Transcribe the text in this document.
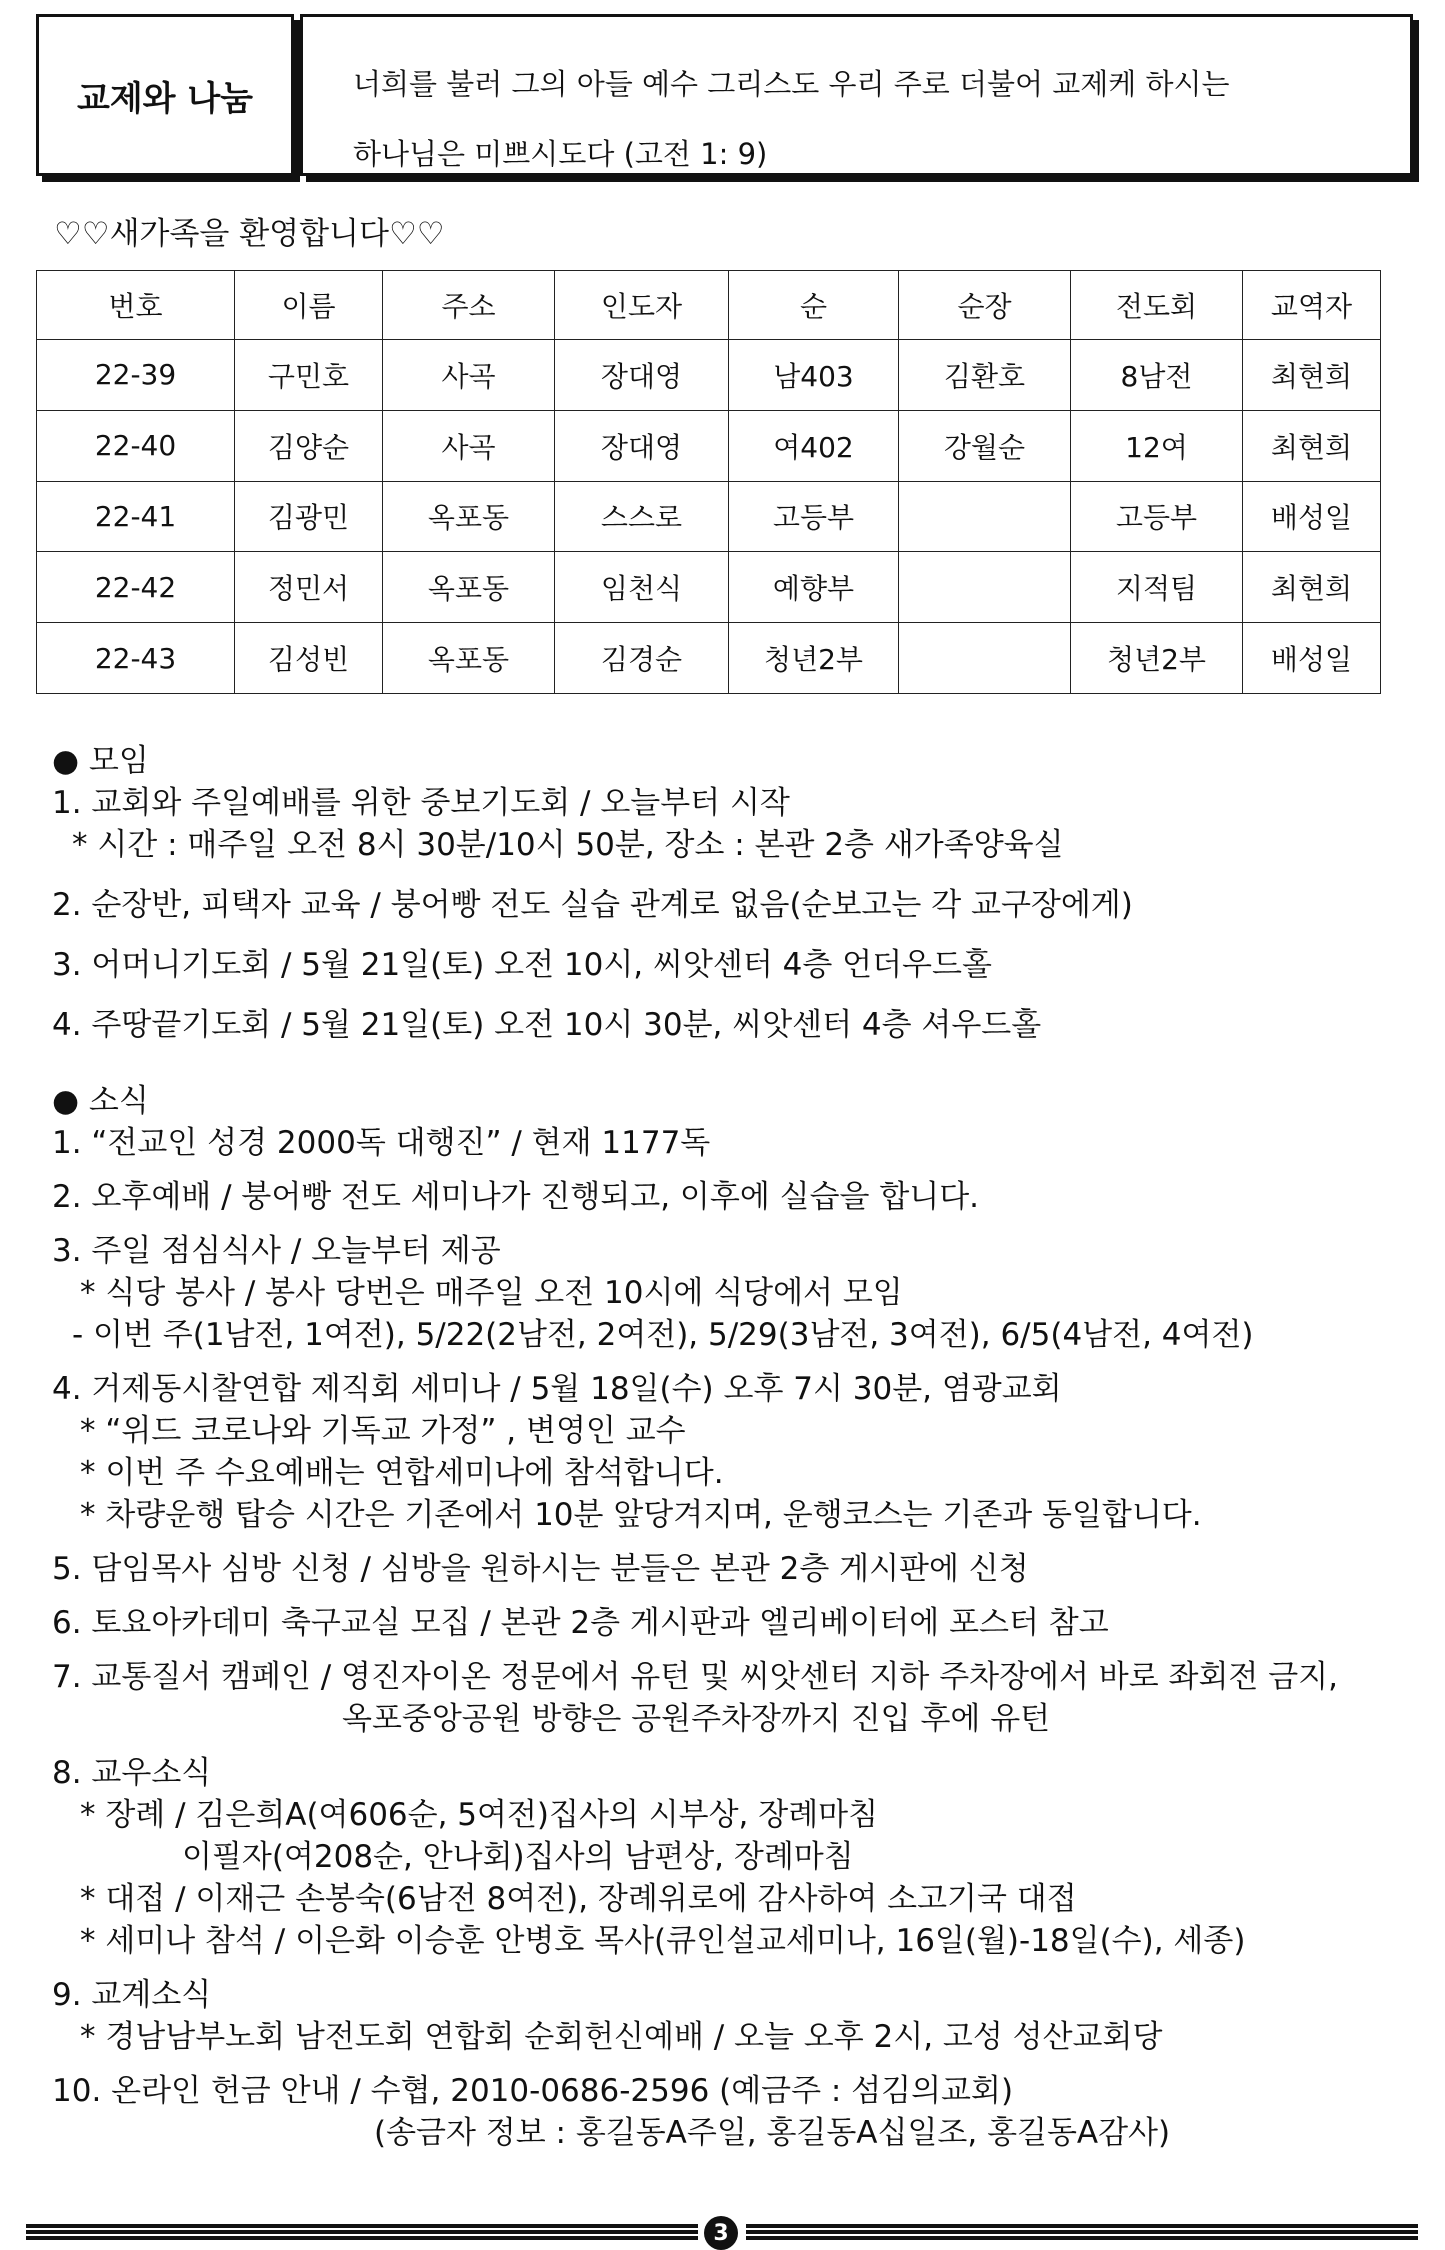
교제와 나눔	너희를 불러 그의 아들 예수 그리스도 우리 주로 더불어 교제케 하시는
하나님은 미쁘시도다 (고전 1: 9)
♡♡새가족을 환영합니다♡♡
번호	이름	주소	인도자	순	순장	전도회	교역자
22-39	구민호	사곡	장대영	남403	김환호	8남전	최현희
22-40	김양순	사곡	장대영	여402	강월순	12여	최현희
22-41	김광민	옥포동	스스로	고등부		고등부	배성일
22-42	정민서	옥포동	임천식	예향부		지적팀	최현희
22-43	김성빈	옥포동	김경순	청년2부		청년2부	배성일
● 모임
1. 교회와 주일예배를 위한 중보기도회 / 오늘부터 시작
* 시간 : 매주일 오전 8시 30분/10시 50분, 장소 : 본관 2층 새가족양육실
2. 순장반, 피택자 교육 / 붕어빵 전도 실습 관계로 없음(순보고는 각 교구장에게)
3. 어머니기도회 / 5월 21일(토) 오전 10시, 씨앗센터 4층 언더우드홀
4. 주땅끝기도회 / 5월 21일(토) 오전 10시 30분, 씨앗센터 4층 셔우드홀
● 소식
1. “전교인 성경 2000독 대행진” / 현재 1177독
2. 오후예배 / 붕어빵 전도 세미나가 진행되고, 이후에 실습을 합니다.
3. 주일 점심식사 / 오늘부터 제공
* 식당 봉사 / 봉사 당번은 매주일 오전 10시에 식당에서 모임
- 이번 주(1남전, 1여전), 5/22(2남전, 2여전), 5/29(3남전, 3여전), 6/5(4남전, 4여전)
4. 거제동시찰연합 제직회 세미나 / 5월 18일(수) 오후 7시 30분, 염광교회
* “위드 코로나와 기독교 가정” , 변영인 교수
* 이번 주 수요예배는 연합세미나에 참석합니다.
* 차량운행 탑승 시간은 기존에서 10분 앞당겨지며, 운행코스는 기존과 동일합니다.
5. 담임목사 심방 신청 / 심방을 원하시는 분들은 본관 2층 게시판에 신청
6. 토요아카데미 축구교실 모집 / 본관 2층 게시판과 엘리베이터에 포스터 참고
7. 교통질서 캠페인 / 영진자이온 정문에서 유턴 및 씨앗센터 지하 주차장에서 바로 좌회전 금지,
옥포중앙공원 방향은 공원주차장까지 진입 후에 유턴
8. 교우소식
* 장례 / 김은희A(여606순, 5여전)집사의 시부상, 장례마침
이필자(여208순, 안나회)집사의 남편상, 장례마침
* 대접 / 이재근 손봉숙(6남전 8여전), 장례위로에 감사하여 소고기국 대접
* 세미나 참석 / 이은화 이승훈 안병호 목사(큐인설교세미나, 16일(월)-18일(수), 세종)
9. 교계소식
* 경남남부노회 남전도회 연합회 순회헌신예배 / 오늘 오후 2시, 고성 성산교회당
10. 온라인 헌금 안내 / 수협, 2010-0686-2596 (예금주 : 섬김의교회)
(송금자 정보 : 홍길동A주일, 홍길동A십일조, 홍길동A감사)
3
